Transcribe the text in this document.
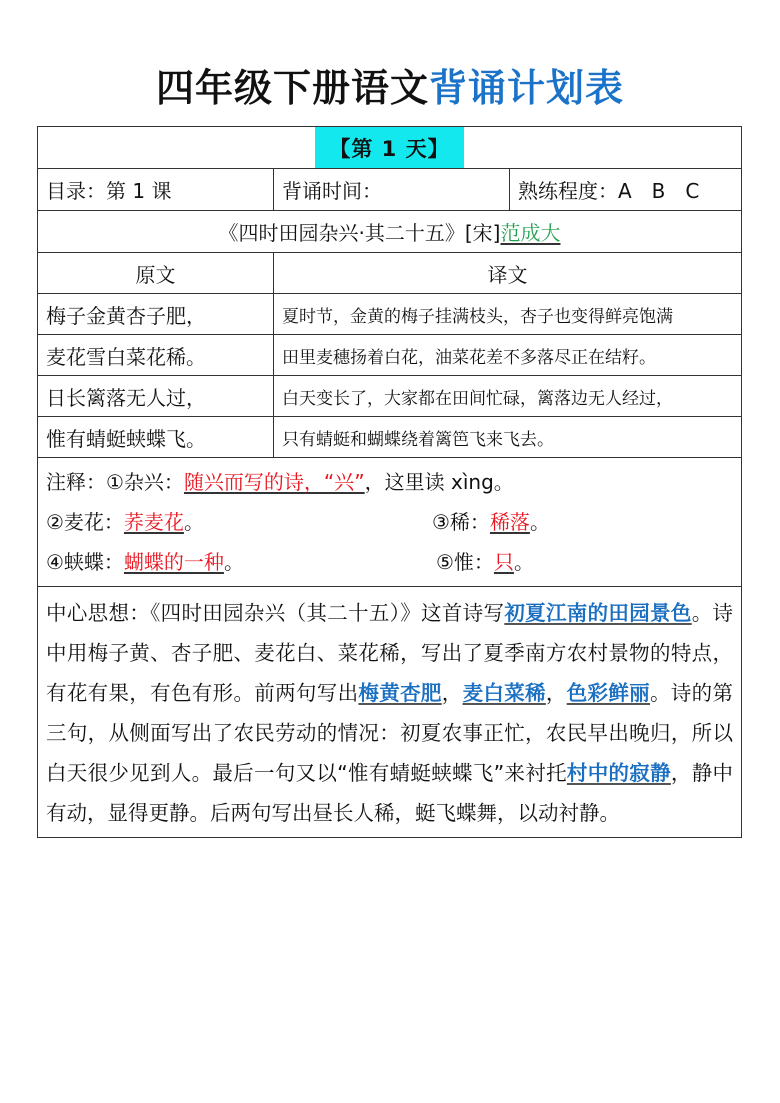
四年级下册语文背诵计划表
【第 1 天】
目录：第 1 课	背诵时间：	熟练程度：A　B　C
《四时田园杂兴·其二十五》[宋] 范成大
原文	译文
梅子金黄杏子肥，	夏时节，金黄的梅子挂满枝头，杏子也变得鲜亮饱满
麦花雪白菜花稀。	田里麦穗扬着白花，油菜花差不多落尽正在结籽。
日长篱落无人过，	白天变长了，大家都在田间忙碌，篱落边无人经过，
惟有蜻蜓蛱蝶飞。	只有蜻蜓和蝴蝶绕着篱笆飞来飞去。
注释：①杂兴： 随兴而写的诗，“兴” ，这里读 xìng。
②麦花：荞麦花。	③稀：稀落。
④蛱蝶：蝴蝶的一种。	⑤惟：只。
中心思想：《四时田园杂兴（其二十五）》这首诗写初夏江南的田园景色。诗中用梅子黄、杏子肥、麦花白、菜花稀，写出了夏季南方农村景物的特点，有花有果，有色有形。前两句写出梅黄杏肥，麦白菜稀，色彩鲜丽。诗的第三句，从侧面写出了农民劳动的情况：初夏农事正忙，农民早出晚归，所以白天很少见到人。最后一句又以“惟有蜻蜓蛱蝶飞”来衬托村中的寂静，静中有动，显得更静。后两句写出昼长人稀，蜓飞蝶舞，以动衬静。
